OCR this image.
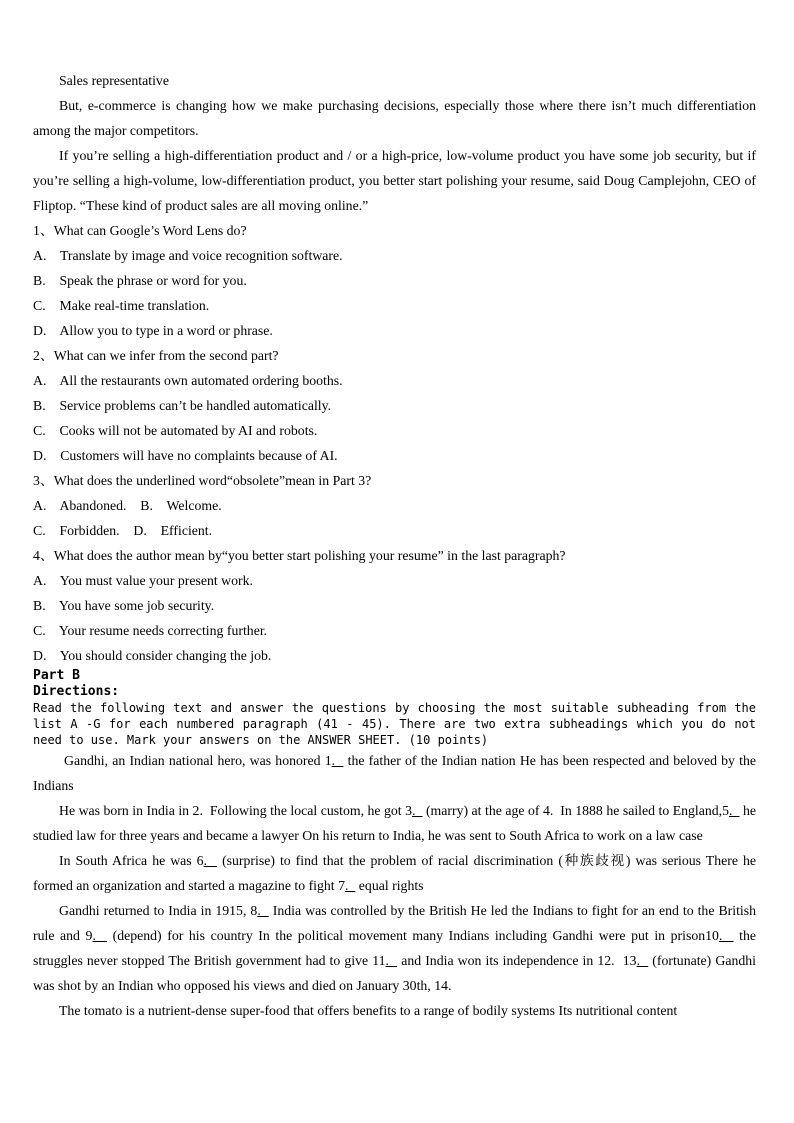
Sales representative

But, e-commerce is changing how we make purchasing decisions, especially those where there isn’t much differentiation among the major competitors.

If you’re selling a high-differentiation product and / or a high-price, low-volume product you have some job security, but if you’re selling a high-volume, low-differentiation product, you better start polishing your resume, said Doug Camplejohn, CEO of Fliptop. “These kind of product sales are all moving online.”

1、What can Google’s Word Lens do?
A.    Translate by image and voice recognition software.
B.    Speak the phrase or word for you.
C.    Make real-time translation.
D.    Allow you to type in a word or phrase.
2、What can we infer from the second part?
A.    All the restaurants own automated ordering booths.
B.    Service problems can’t be handled automatically.
C.    Cooks will not be automated by AI and robots.
D.    Customers will have no complaints because of AI.
3、What does the underlined word“obsolete”mean in Part 3?
A.    Abandoned.    B.    Welcome.
C.    Forbidden.    D.    Efficient.
4、What does the author mean by“you better start polishing your resume” in the last paragraph?
A.    You must value your present work.
B.    You have some job security.
C.    Your resume needs correcting further.
D.    You should consider changing the job.
Part B
Directions:
Read the following text and answer the questions by choosing the most suitable subheading from the list A -G for each numbered paragraph (41 - 45). There are two extra subheadings which you do not need to use. Mark your answers on the ANSWER SHEET. (10 points)

Gandhi, an Indian national hero, was honored 1.   the father of the Indian nation He has been respected and beloved by the Indians

He was born in India in 2.  Following the local custom, he got 3.   (marry) at the age of 4.  In 1888 he sailed to England,5.   he studied law for three years and became a lawyer On his return to India, he was sent to South Africa to work on a law case

In South Africa he was 6.   (surprise) to find that the problem of racial discrimination (种族歧视) was serious There he formed an organization and started a magazine to fight 7.   equal rights

Gandhi returned to India in 1915, 8.   India was controlled by the British He led the Indians to fight for an end to the British rule and 9.   (depend) for his country In the political movement many Indians including Gandhi were put in prison10.   the struggles never stopped The British government had to give 11.   and India won its independence in 12.  13.   (fortunate) Gandhi was shot by an Indian who opposed his views and died on January 30th, 14.

The tomato is a nutrient-dense super-food that offers benefits to a range of bodily systems Its nutritional content
